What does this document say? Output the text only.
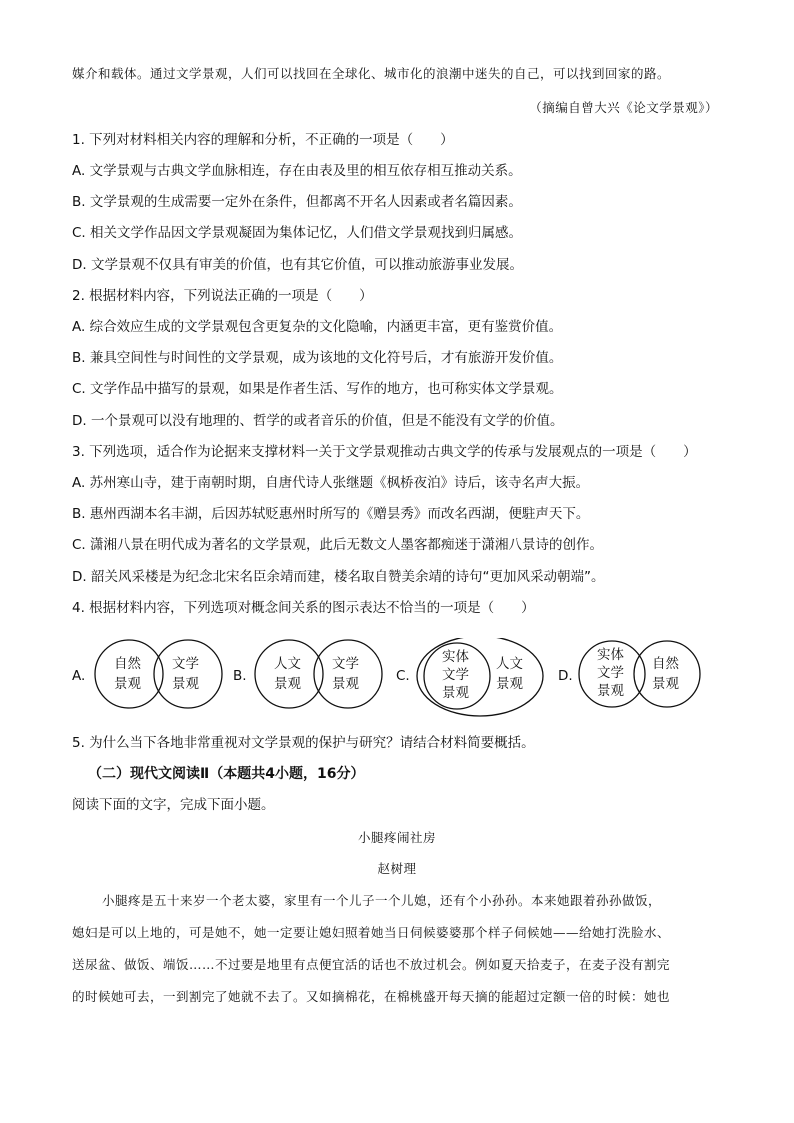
媒介和载体。通过文学景观，人们可以找回在全球化、城市化的浪潮中迷失的自己，可以找到回家的路。
（摘编自曾大兴《论文学景观》）
1. 下列对材料相关内容的理解和分析，不正确的一项是（　　）
A. 文学景观与古典文学血脉相连，存在由表及里的相互依存相互推动关系。
B. 文学景观的生成需要一定外在条件，但都离不开名人因素或者名篇因素。
C. 相关文学作品因文学景观凝固为集体记忆，人们借文学景观找到归属感。
D. 文学景观不仅具有审美的价值，也有其它价值，可以推动旅游事业发展。
2. 根据材料内容，下列说法正确的一项是（　　）
A. 综合效应生成的文学景观包含更复杂的文化隐喻，内涵更丰富，更有鉴赏价值。
B. 兼具空间性与时间性的文学景观，成为该地的文化符号后，才有旅游开发价值。
C. 文学作品中描写的景观，如果是作者生活、写作的地方，也可称实体文学景观。
D. 一个景观可以没有地理的、哲学的或者音乐的价值，但是不能没有文学的价值。
3. 下列选项，适合作为论据来支撑材料一关于文学景观推动古典文学的传承与发展观点的一项是（　　）
A. 苏州寒山寺，建于南朝时期，自唐代诗人张继题《枫桥夜泊》诗后，该寺名声大振。
B. 惠州西湖本名丰湖，后因苏轼贬惠州时所写的《赠昙秀》而改名西湖，便駐声天下。
C. 潇湘八景在明代成为著名的文学景观，此后无数文人墨客都痴迷于潇湘八景诗的创作。
D. 韶关风采楼是为纪念北宋名臣余靖而建，楼名取自赞美余靖的诗句“更加风采动朝端”。
4. 根据材料内容，下列选项对概念间关系的图示表达不恰当的一项是（　　）
A.
自然
景观
文学
景观	B.
人文
景观
文学
景观	C.
实体
文学
景观
人文
景观	D.
实体
文学
景观
自然
景观
5. 为什么当下各地非常重视对文学景观的保护与研究？请结合材料简要概括。
（二）现代文阅读Ⅱ（本题共4小题，16分）
阅读下面的文字，完成下面小题。
小腿疼闹社房
赵树理
小腿疼是五十来岁一个老太婆，家里有一个儿子一个儿媳，还有个小孙孙。本来她跟着孙孙做饭，
媳妇是可以上地的，可是她不，她一定要让媳妇照着她当日伺候婆婆那个样子伺候她——给她打洗脸水、
送尿盆、做饭、端饭……不过要是地里有点便宜活的话也不放过机会。例如夏天拾麦子，在麦子没有割完
的时候她可去，一到割完了她就不去了。又如摘棉花，在棉桃盛开每天摘的能超过定额一倍的时候：她也
